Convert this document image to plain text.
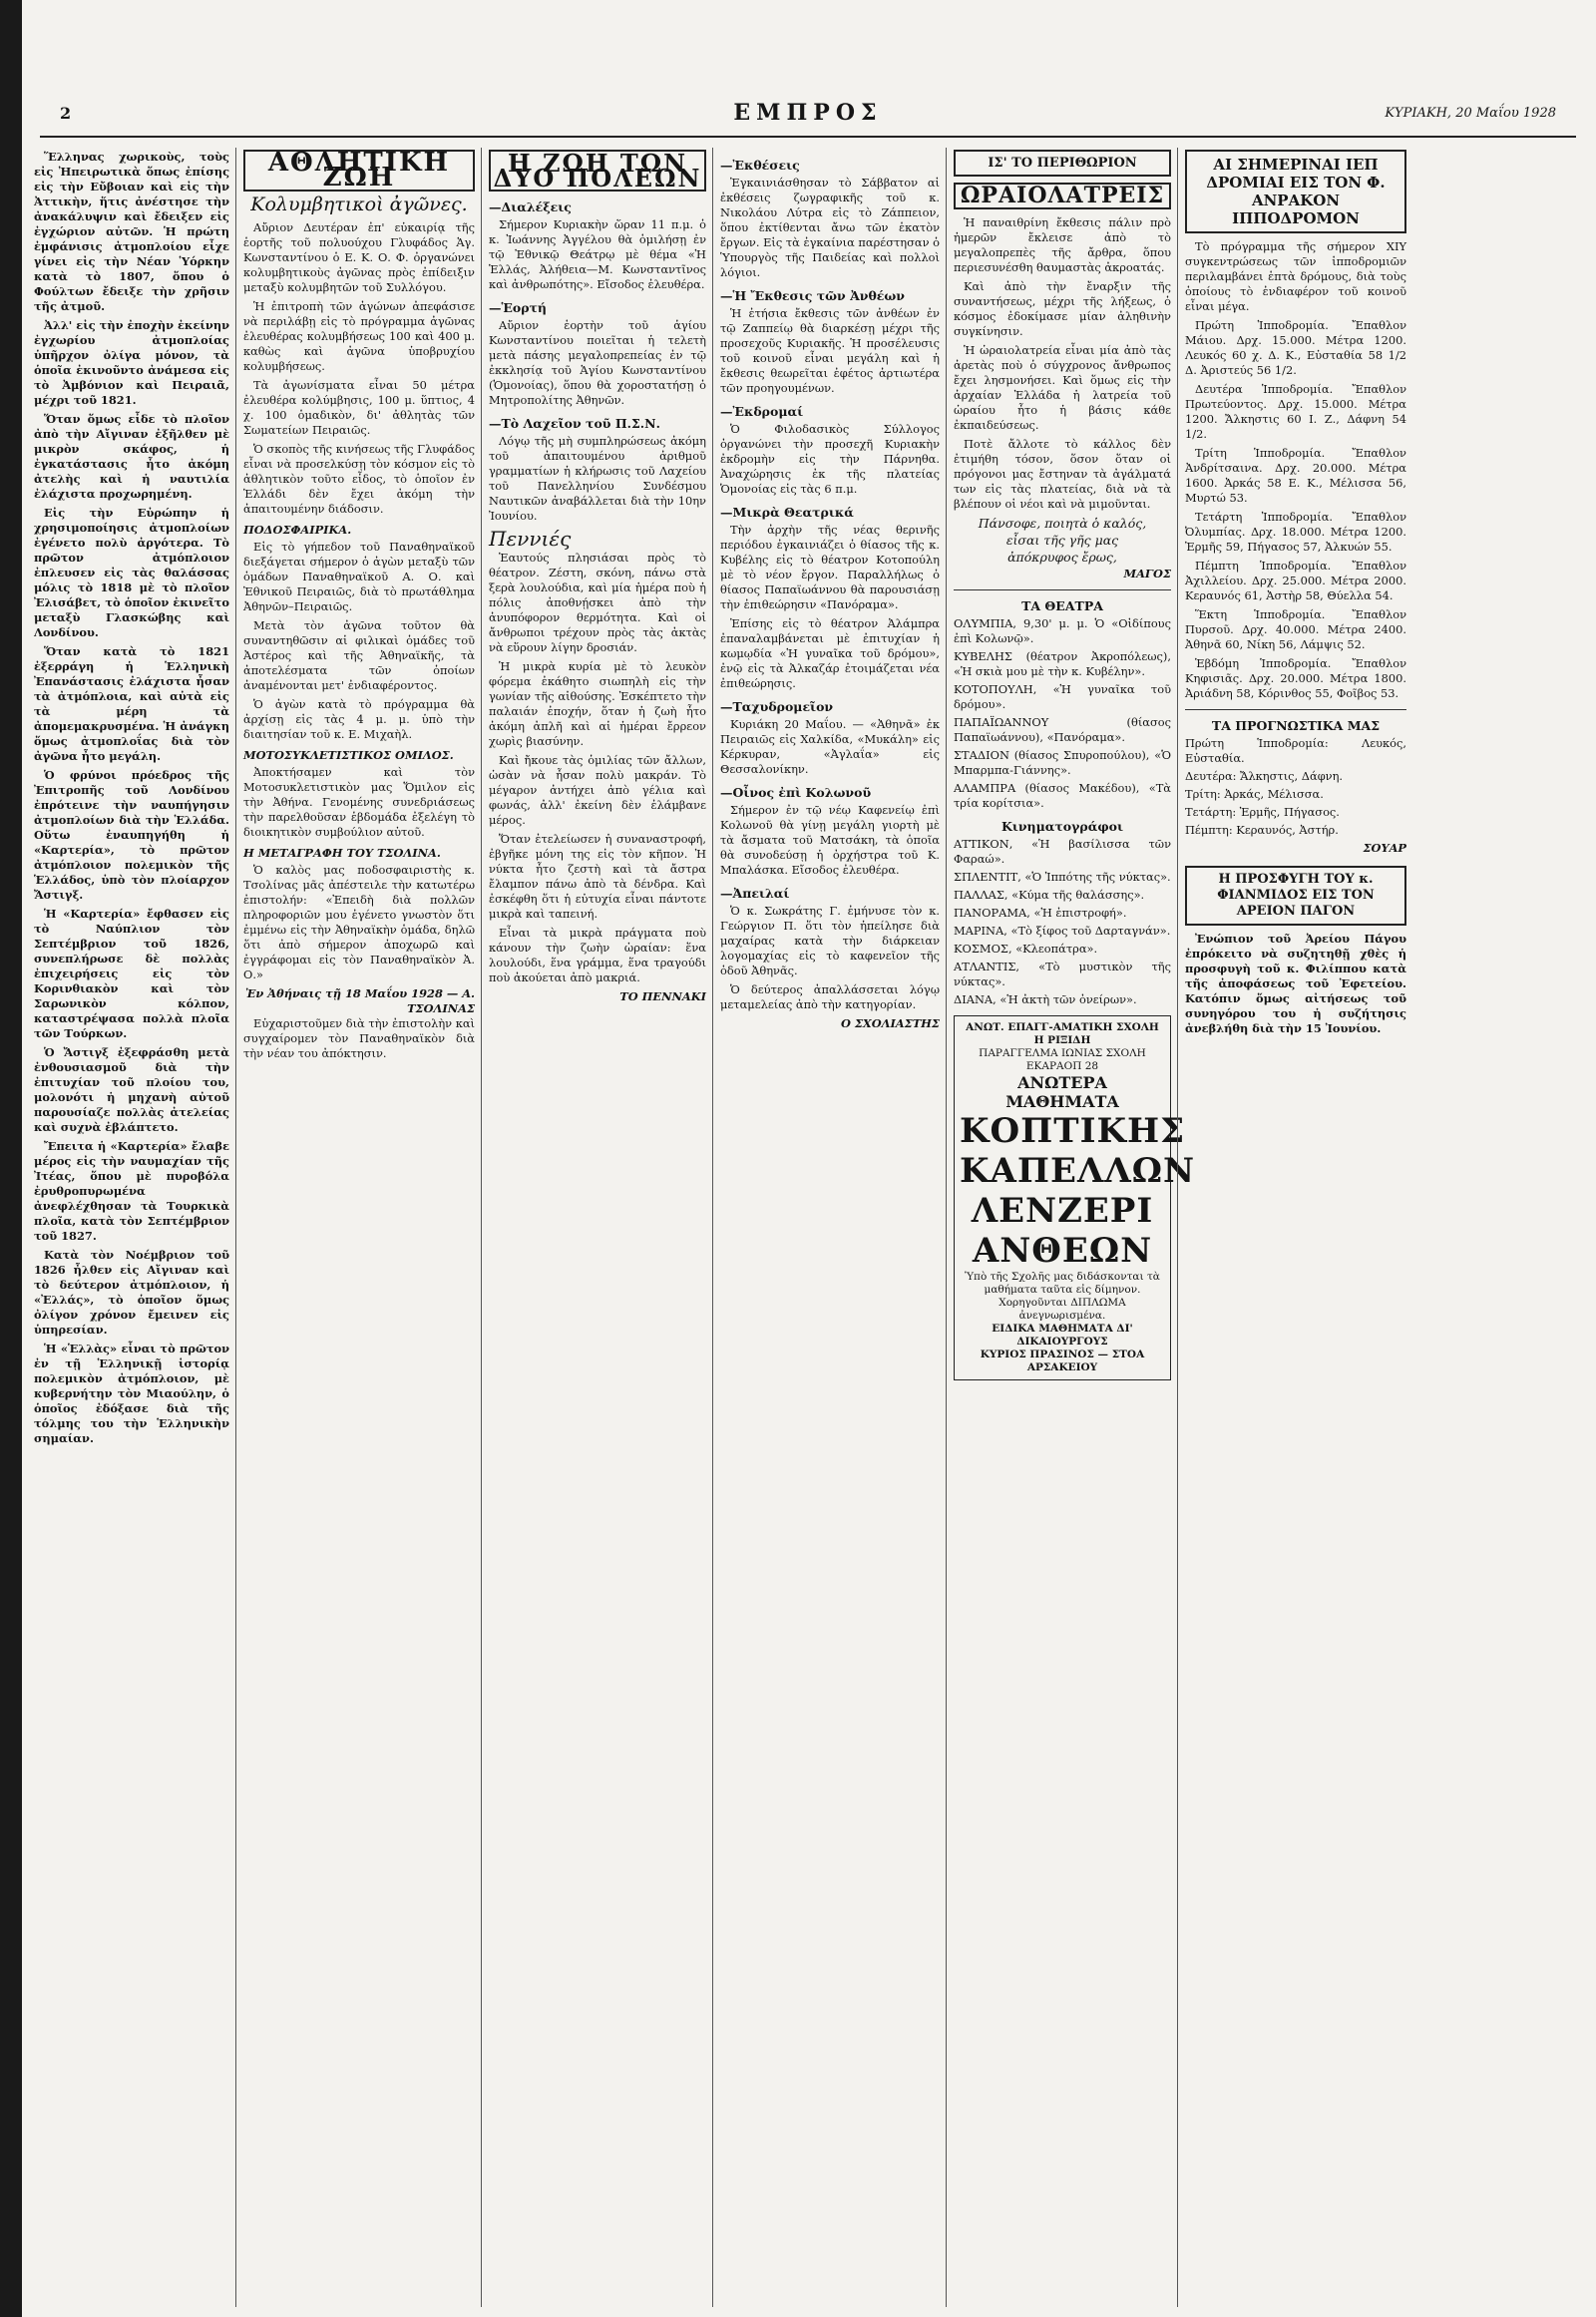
2	ΕΜΠΡΟΣ	ΚΥΡΙΑΚΗ, 20 Μαΐου 1928

Ἕλληνας χωρικοὺς, τοὺς εἰς Ἠπειρωτικὰ ὅπως ἐπίσης εἰς τὴν Εὔβοιαν καὶ εἰς τὴν Ἀττικὴν, ἥτις ἀνέστησε τὴν ἀνακάλυψιν καὶ ἔδειξεν εἰς ἐγχώριον αὐτῶν. Ἡ πρώτη ἐμφάνισις ἀτμοπλοίου εἶχε γίνει εἰς τὴν Νέαν Ὑόρκην κατὰ τὸ 1807, ὅπου ὁ Φούλτων ἔδειξε τὴν χρῆσιν τῆς ἀτμοῦ.

Ἀλλ' εἰς τὴν ἐποχὴν ἐκείνην ἐγχωρίου ἀτμοπλοίας ὑπῆρχον ὀλίγα μόνον, τὰ ὁποῖα ἐκινοῦντο ἀνάμεσα εἰς τὸ Ἀμβόνιον καὶ Πειραιᾶ, μέχρι τοῦ 1821.

Ὅταν ὅμως εἶδε τὸ πλοῖον ἀπὸ τὴν Αἴγιναν ἐξῆλθεν μὲ μικρὸν σκάφος, ἡ ἐγκατάστασις ἦτο ἀκόμη ἀτελὴς καὶ ἡ ναυτιλία ἐλάχιστα προχωρημένη.

Εἰς τὴν Εὐρώπην ἡ χρησιμοποίησις ἀτμοπλοίων ἐγένετο πολὺ ἀργότερα. Τὸ πρῶτον ἀτμόπλοιον ἐπλευσεν εἰς τὰς θαλάσσας μόλις τὸ 1818 μὲ τὸ πλοῖον Ἐλισάβετ, τὸ ὁποῖον ἐκινεῖτο μεταξὺ Γλασκώβης καὶ Λονδίνου.

Ὅταν κατὰ τὸ 1821 ἐξερράγη ἡ Ἑλληνικὴ Ἐπανάστασις ἐλάχιστα ἦσαν τὰ ἀτμόπλοια, καὶ αὐτὰ εἰς τὰ μέρη τὰ ἀπομεμακρυσμένα. Ἡ ἀνάγκη ὅμως ἀτμοπλοΐας διὰ τὸν ἀγῶνα ἦτο μεγάλη.

Ὁ φρύνοι πρόεδρος τῆς Ἐπιτροπῆς τοῦ Λονδίνου ἐπρότεινε τὴν ναυπήγησιν ἀτμοπλοίων διὰ τὴν Ἑλλάδα. Οὕτω ἐναυπηγήθη ἡ «Καρτερία», τὸ πρῶτον ἀτμόπλοιον πολεμικὸν τῆς Ἑλλάδος, ὑπὸ τὸν πλοίαρχον Ἄστιγξ.

Ἡ «Καρτερία» ἔφθασεν εἰς τὸ Ναύπλιον τὸν Σεπτέμβριον τοῦ 1826, συνεπλήρωσε δὲ πολλὰς ἐπιχειρήσεις εἰς τὸν Κορινθιακὸν καὶ τὸν Σαρωνικὸν κόλπον, καταστρέψασα πολλὰ πλοῖα τῶν Τούρκων.

Ὁ Ἄστιγξ ἐξεφράσθη μετὰ ἐνθουσιασμοῦ διὰ τὴν ἐπιτυχίαν τοῦ πλοίου του, μολονότι ἡ μηχανὴ αὐτοῦ παρουσίαζε πολλὰς ἀτελείας καὶ συχνὰ ἐβλάπτετο.

Ἔπειτα ἡ «Καρτερία» ἔλαβε μέρος εἰς τὴν ναυμαχίαν τῆς Ἰτέας, ὅπου μὲ πυροβόλα ἐρυθροπυρωμένα ἀνεφλέχθησαν τὰ Τουρκικὰ πλοῖα, κατὰ τὸν Σεπτέμβριον τοῦ 1827.

Κατὰ τὸν Νοέμβριον τοῦ 1826 ἦλθεν εἰς Αἴγιναν καὶ τὸ δεύτερον ἀτμόπλοιον, ἡ «Ἐλλάς», τὸ ὁποῖον ὅμως ὀλίγον χρόνον ἔμεινεν εἰς ὑπηρεσίαν.

Ἡ «Ἑλλὰς» εἶναι τὸ πρῶτον ἐν τῇ Ἑλληνικῇ ἱστορίᾳ πολεμικὸν ἀτμόπλοιον, μὲ κυβερνήτην τὸν Μιαούλην, ὁ ὁποῖος ἐδόξασε διὰ τῆς τόλμης του τὴν Ἑλληνικὴν σημαίαν.

ΑΘΛΗΤΙΚΗ ΖΩΗ
Κολυμβητικοὶ ἀγῶνες.

Αὔριον Δευτέραν ἐπ' εὐκαιρίᾳ τῆς ἑορτῆς τοῦ πολυούχου Γλυφάδος Ἁγ. Κωνσταντίνου ὁ Ε. Κ. Ο. Φ. ὀργανώνει κολυμβητικοὺς ἀγῶνας πρὸς ἐπίδειξιν μεταξὺ κολυμβητῶν τοῦ Συλλόγου.

Ἡ ἐπιτροπὴ τῶν ἀγώνων ἀπεφάσισε νὰ περιλάβῃ εἰς τὸ πρόγραμμα ἀγῶνας ἐλευθέρας κολυμβήσεως 100 καὶ 400 μ. καθὼς καὶ ἀγῶνα ὑποβρυχίου κολυμβήσεως.

Τὰ ἀγωνίσματα εἶναι 50 μέτρα ἐλευθέρα κολύμβησις, 100 μ. ὕπτιος, 4 χ. 100 ὁμαδικὸν, δι' ἀθλητὰς τῶν Σωματείων Πειραιῶς.

Ὁ σκοπὸς τῆς κινήσεως τῆς Γλυφάδος εἶναι νὰ προσελκύσῃ τὸν κόσμον εἰς τὸ ἀθλητικὸν τοῦτο εἶδος, τὸ ὁποῖον ἐν Ἑλλάδι δὲν ἔχει ἀκόμη τὴν ἀπαιτουμένην διάδοσιν.

ΠΟΔΟΣΦΑΙΡΙΚΑ.

Εἰς τὸ γήπεδον τοῦ Παναθηναϊκοῦ διεξάγεται σήμερον ὁ ἀγὼν μεταξὺ τῶν ὁμάδων Παναθηναϊκοῦ Α. Ο. καὶ Ἐθνικοῦ Πειραιῶς, διὰ τὸ πρωτάθλημα Ἀθηνῶν–Πειραιῶς.

Μετὰ τὸν ἀγῶνα τοῦτον θὰ συναντηθῶσιν αἱ φιλικαὶ ὁμάδες τοῦ Ἀστέρος καὶ τῆς Ἀθηναϊκῆς, τὰ ἀποτελέσματα τῶν ὁποίων ἀναμένονται μετ' ἐνδιαφέροντος.

Ὁ ἀγὼν κατὰ τὸ πρόγραμμα θὰ ἀρχίσῃ εἰς τὰς 4 μ. μ. ὑπὸ τὴν διαιτησίαν τοῦ κ. Ε. Μιχαὴλ.

ΜΟΤΟΣΥΚΛΕΤΙΣΤΙΚΟΣ ΟΜΙΛΟΣ.

Ἀποκτήσαμεν καὶ τὸν Μοτοσυκλετιστικὸν μας Ὅμιλον εἰς τὴν Ἀθήνα. Γενομένης συνεδριάσεως τὴν παρελθοῦσαν ἑβδομάδα ἐξελέγη τὸ διοικητικὸν συμβούλιον αὐτοῦ.

Η ΜΕΤΑΓΡΑΦΗ ΤΟΥ ΤΣΟΛΙΝΑ.

Ὁ καλὸς μας ποδοσφαιριστὴς κ. Τσολίνας μᾶς ἀπέστειλε τὴν κατωτέρω ἐπιστολήν: «Ἐπειδὴ διὰ πολλῶν πληροφοριῶν μου ἐγένετο γνωστὸν ὅτι ἐμμένω εἰς τὴν Ἀθηναϊκὴν ὁμάδα, δηλῶ ὅτι ἀπὸ σήμερον ἀποχωρῶ καὶ ἐγγράφομαι εἰς τὸν Παναθηναϊκὸν Ἀ. Ο.»

Ἐν Ἀθήναις τῇ 18 Μαΐου 1928 — Α. ΤΣΟΛΙΝΑΣ

Εὐχαριστοῦμεν διὰ τὴν ἐπιστολὴν καὶ συγχαίρομεν τὸν Παναθηναϊκὸν διὰ τὴν νέαν του ἀπόκτησιν.

Η ΖΩΗ ΤΩΝ ΔΥΟ ΠΟΛΕΩΝ
—Διαλέξεις

Σήμερον Κυριακὴν ὥραν 11 π.μ. ὁ κ. Ἰωάννης Ἀγγέλου θὰ ὁμιλήσῃ ἐν τῷ Ἐθνικῷ Θεάτρῳ μὲ θέμα «Ἡ Ἑλλάς, Ἀλήθεια—Μ. Κωνσταντῖνος καὶ ἀνθρωπότης». Εἴσοδος ἐλευθέρα.

—Ἑορτή

Αὔριον ἑορτὴν τοῦ ἁγίου Κωνσταντίνου ποιεῖται ἡ τελετὴ μετὰ πάσης μεγαλοπρεπείας ἐν τῷ ἐκκλησίᾳ τοῦ Ἁγίου Κωνσταντίνου (Ὁμονοίας), ὅπου θὰ χοροστατήσῃ ὁ Μητροπολίτης Ἀθηνῶν.

—Τὸ Λαχεῖον τοῦ Π.Σ.Ν.

Λόγῳ τῆς μὴ συμπληρώσεως ἀκόμη τοῦ ἀπαιτουμένου ἀριθμοῦ γραμματίων ἡ κλήρωσις τοῦ Λαχείου τοῦ Πανελληνίου Συνδέσμου Ναυτικῶν ἀναβάλλεται διὰ τὴν 10ην Ἰουνίου.

Πεννιές

Ἑαυτούς πλησιάσαι πρὸς τὸ θέατρον. Ζέστη, σκόνη, πάνω στὰ ξερὰ λουλούδια, καὶ μία ἡμέρα ποὺ ἡ πόλις ἀποθνῄσκει ἀπὸ τὴν ἀνυπόφορον θερμότητα. Καὶ οἱ ἄνθρωποι τρέχουν πρὸς τὰς ἀκτὰς νὰ εὕρουν λίγην δροσιάν.

Ἡ μικρὰ κυρία μὲ τὸ λευκὸν φόρεμα ἐκάθητο σιωπηλὴ εἰς τὴν γωνίαν τῆς αἰθούσης. Ἐσκέπτετο τὴν παλαιάν ἐποχήν, ὅταν ἡ ζωὴ ἦτο ἀκόμη ἀπλῆ καὶ αἱ ἡμέραι ἔρρεον χωρὶς βιασύνην.

Καὶ ἤκουε τὰς ὁμιλίας τῶν ἄλλων, ὡσὰν νὰ ἦσαν πολὺ μακράν. Τὸ μέγαρον ἀντήχει ἀπὸ γέλια καὶ φωνάς, ἀλλ' ἐκείνη δὲν ἐλάμβανε μέρος.

Ὅταν ἐτελείωσεν ἡ συναναστροφή, ἐβγῆκε μόνη της εἰς τὸν κῆπον. Ἡ νύκτα ἦτο ζεστὴ καὶ τὰ ἄστρα ἔλαμπον πάνω ἀπὸ τὰ δένδρα. Καὶ ἐσκέφθη ὅτι ἡ εὐτυχία εἶναι πάντοτε μικρὰ καὶ ταπεινή.

Εἶναι τὰ μικρὰ πράγματα ποὺ κάνουν τὴν ζωὴν ὡραίαν: ἕνα λουλούδι, ἕνα γράμμα, ἕνα τραγούδι ποὺ ἀκούεται ἀπὸ μακριά.

ΤΟ ΠΕΝΝΑΚΙ
—Ἐκθέσεις

Ἐγκαινιάσθησαν τὸ Σάββατον αἱ ἐκθέσεις ζωγραφικῆς τοῦ κ. Νικολάου Λύτρα εἰς τὸ Ζάππειον, ὅπου ἐκτίθενται ἄνω τῶν ἑκατὸν ἔργων. Εἰς τὰ ἐγκαίνια παρέστησαν ὁ Ὑπουργὸς τῆς Παιδείας καὶ πολλοὶ λόγιοι.

—Ἡ Ἔκθεσις τῶν Ἀνθέων

Ἡ ἐτήσια ἔκθεσις τῶν ἀνθέων ἐν τῷ Ζαππείῳ θὰ διαρκέσῃ μέχρι τῆς προσεχοῦς Κυριακῆς. Ἡ προσέλευσις τοῦ κοινοῦ εἶναι μεγάλη καὶ ἡ ἔκθεσις θεωρεῖται ἐφέτος ἀρτιωτέρα τῶν προηγουμένων.

—Ἐκδρομαί

Ὁ Φιλοδασικὸς Σύλλογος ὀργανώνει τὴν προσεχῆ Κυριακὴν ἐκδρομὴν εἰς τὴν Πάρνηθα. Ἀναχώρησις ἐκ τῆς πλατείας Ὁμονοίας εἰς τὰς 6 π.μ.

—Μικρὰ Θεατρικά

Τὴν ἀρχὴν τῆς νέας θερινῆς περιόδου ἐγκαινιάζει ὁ θίασος τῆς κ. Κυβέλης εἰς τὸ θέατρον Κοτοπούλη μὲ τὸ νέον ἔργον. Παραλλήλως ὁ θίασος Παπαϊωάννου θὰ παρουσιάσῃ τὴν ἐπιθεώρησιν «Πανόραμα».

Ἐπίσης εἰς τὸ θέατρον Ἀλάμπρα ἐπαναλαμβάνεται μὲ ἐπιτυχίαν ἡ κωμῳδία «Ἡ γυναῖκα τοῦ δρόμου», ἐνῷ εἰς τὰ Ἀλκαζάρ ἐτοιμάζεται νέα ἐπιθεώρησις.

—Ταχυδρομεῖον

Κυριάκη 20 Μαΐου. — «Ἀθηνᾶ» ἐκ Πειραιῶς εἰς Χαλκίδα, «Μυκάλη» εἰς Κέρκυραν, «Ἀγλαΐα» εἰς Θεσσαλονίκην.

—Οἶνος ἐπὶ Κολωνοῦ

Σήμερον ἐν τῷ νέῳ Καφενείῳ ἐπὶ Κολωνοῦ θὰ γίνῃ μεγάλη γιορτὴ μὲ τὰ ἄσματα τοῦ Ματσάκη, τὰ ὁποῖα θὰ συνοδεύσῃ ἡ ὀρχήστρα τοῦ Κ. Μπαλάσκα. Εἴσοδος ἐλευθέρα.

—Ἀπειλαί

Ὁ κ. Σωκράτης Γ. ἐμήνυσε τὸν κ. Γεώργιον Π. ὅτι τὸν ἠπείλησε διὰ μαχαίρας κατὰ τὴν διάρκειαν λογομαχίας εἰς τὸ καφενεῖον τῆς ὁδοῦ Ἀθηνᾶς.

Ὁ δεύτερος ἀπαλλάσσεται λόγῳ μεταμελείας ἀπὸ τὴν κατηγορίαν.

Ο ΣΧΟΛΙΑΣΤΗΣ
ΙΣ' ΤΟ ΠΕΡΙΘΩΡΙΟΝ
ΩΡΑΙΟΛΑΤΡΕΙΣ

Ἡ παναιθρίνη ἔκθεσις πάλιν πρὸ ἡμερῶν ἔκλεισε ἀπὸ τὸ μεγαλοπρεπὲς τῆς ἄρθρα, ὅπου περιεσυνέσθη θαυμαστὰς ἀκροατάς.

Καὶ ἀπὸ τὴν ἔναρξιν τῆς συναντήσεως, μέχρι τῆς λήξεως, ὁ κόσμος ἐδοκίμασε μίαν ἀληθινὴν συγκίνησιν.

Ἡ ὡραιολατρεία εἶναι μία ἀπὸ τὰς ἀρετὰς ποὺ ὁ σύγχρονος ἄνθρωπος ἔχει λησμονήσει. Καὶ ὅμως εἰς τὴν ἀρχαίαν Ἑλλάδα ἡ λατρεία τοῦ ὡραίου ἦτο ἡ βάσις κάθε ἐκπαιδεύσεως.

Ποτὲ ἄλλοτε τὸ κάλλος δὲν ἐτιμήθη τόσον, ὅσον ὅταν οἱ πρόγονοι μας ἔστηναν τὰ ἀγάλματά των εἰς τὰς πλατείας, διὰ νὰ τὰ βλέπουν οἱ νέοι καὶ νὰ μιμοῦνται.

Πάνσοφε, ποιητὰ ὁ καλός,
εἶσαι τῆς γῆς μας
ἀπόκρυφος ἔρως,
ΜΑΓΟΣ
ΤΑ ΘΕΑΤΡΑ
ΟΛΥΜΠΙΑ, 9,30' μ. μ. Ὁ «Οἰδίπους ἐπὶ Κολωνῷ».
ΚΥΒΕΛΗΣ (θέατρον Ἀκροπόλεως), «Ἡ σκιὰ μου μὲ τὴν κ. Κυβέλην».
ΚΟΤΟΠΟΥΛΗ, «Ἡ γυναῖκα τοῦ δρόμου».
ΠΑΠΑΪΩΑΝΝΟΥ (θίασος Παπαϊωάννου), «Πανόραμα».
ΣΤΑΔΙΟΝ (θίασος Σπυροπούλου), «Ὁ Μπαρμπα-Γιάννης».
ΑΛΑΜΠΡΑ (θίασος Μακέδου), «Τὰ τρία κορίτσια».
Κινηματογράφοι
ΑΤΤΙΚΟΝ, «Ἡ βασίλισσα τῶν Φαραώ».
ΣΠΛΕΝΤΙΤ, «Ὁ Ἱππότης τῆς νύκτας».
ΠΑΛΛΑΣ, «Κύμα τῆς θαλάσσης».
ΠΑΝΟΡΑΜΑ, «Ἡ ἐπιστροφή».
ΜΑΡΙΝΑ, «Τὸ ξίφος τοῦ Δαρταγνάν».
ΚΟΣΜΟΣ, «Κλεοπάτρα».
ΑΤΛΑΝΤΙΣ, «Τὸ μυστικὸν τῆς νύκτας».
ΔΙΑΝΑ, «Ἡ ἀκτὴ τῶν ὀνείρων».
ΑΝΩΤ. ΕΠΑΓΓ-ΑΜΑΤΙΚΗ ΣΧΟΛΗ Η ΡΙΞΙΔΗ
ΠΑΡΑΓΓΕΛΜΑ ΙΩΝΙΑΣ ΣΧΟΛΗ ΕΚΑΡΑΟΠ 28
ΑΝΩΤΕΡΑ ΜΑΘΗΜΑΤΑ
ΚΟΠΤΙΚΗΣ
ΚΑΠΕΛΛΩΝ
ΛΕΝΖΕΡΙ
ΑΝΘΕΩΝ
Ὑπὸ τῆς Σχολῆς μας διδάσκονται τὰ μαθήματα ταῦτα εἰς δίμηνον. Χορηγοῦνται ΔΙΠΛΩΜΑ ἀνεγνωρισμένα.
ΕΙΔΙΚΑ ΜΑΘΗΜΑΤΑ ΔΙ' ΔΙΚΑΙΟΥΡΓΟΥΣ
ΚΥΡΙΟΣ ΠΡΑΣΙΝΟΣ — ΣΤΟΑ ΑΡΣΑΚΕΙΟΥ
ΑΙ ΣΗΜΕΡΙΝΑΙ ΙΕΠ ΔΡΟΜΙΑΙ ΕΙΣ ΤΟΝ Φ. ΑΝΡΑΚΟΝ ΙΠΠΟΔΡΟΜΟΝ

Τὸ πρόγραμμα τῆς σήμερον ΧΙΥ συγκεντρώσεως τῶν ἱπποδρομιῶν περιλαμβάνει ἑπτὰ δρόμους, διὰ τοὺς ὁποίους τὸ ἐνδιαφέρον τοῦ κοινοῦ εἶναι μέγα.

Πρώτη Ἱπποδρομία. Ἔπαθλον Μάιου. Δρχ. 15.000. Μέτρα 1200. Λευκός 60 χ. Δ. Κ., Εὐσταθία 58 1/2 Δ. Ἀριστεύς 56 1/2.

Δευτέρα Ἱπποδρομία. Ἔπαθλον Πρωτεύοντος. Δρχ. 15.000. Μέτρα 1200. Ἄλκηστις 60 Ι. Ζ., Δάφνη 54 1/2.

Τρίτη Ἱπποδρομία. Ἔπαθλον Ἀνδρίτσαινα. Δρχ. 20.000. Μέτρα 1600. Ἀρκάς 58 Ε. Κ., Μέλισσα 56, Μυρτώ 53.

Τετάρτη Ἱπποδρομία. Ἔπαθλον Ὀλυμπίας. Δρχ. 18.000. Μέτρα 1200. Ἐρμῆς 59, Πήγασος 57, Ἀλκυών 55.

Πέμπτη Ἱπποδρομία. Ἔπαθλον Ἀχιλλείου. Δρχ. 25.000. Μέτρα 2000. Κεραυνός 61, Ἀστὴρ 58, Θύελλα 54.

Ἕκτη Ἱπποδρομία. Ἔπαθλον Πυρσοῦ. Δρχ. 40.000. Μέτρα 2400. Ἀθηνᾶ 60, Νίκη 56, Λάμψις 52.

Ἑβδόμη Ἱπποδρομία. Ἔπαθλον Κηφισιᾶς. Δρχ. 20.000. Μέτρα 1800. Ἀριάδνη 58, Κόρινθος 55, Φοῖβος 53.

ΤΑ ΠΡΟΓΝΩΣΤΙΚΑ ΜΑΣ
Πρώτη Ἱπποδρομία: Λευκός, Εὐσταθία.
Δευτέρα: Ἄλκηστις, Δάφνη.
Τρίτη: Ἀρκάς, Μέλισσα.
Τετάρτη: Ἐρμῆς, Πήγασος.
Πέμπτη: Κεραυνός, Ἀστήρ.
ΣΟΥΑΡ
Η ΠΡΟΣΦΥΓΗ ΤΟΥ κ. ΦΙΑΝΜΙΔΟΣ ΕΙΣ ΤΟΝ ΑΡΕΙΟΝ ΠΑΓΟΝ

Ἐνώπιον τοῦ Ἀρείου Πάγου ἐπρόκειτο νὰ συζητηθῇ χθὲς ἡ προσφυγὴ τοῦ κ. Φιλίππου κατὰ τῆς ἀποφάσεως τοῦ Ἐφετείου. Κατόπιν ὅμως αἰτήσεως τοῦ συνηγόρου του ἡ συζήτησις ἀνεβλήθη διὰ τὴν 15 Ἰουνίου.
